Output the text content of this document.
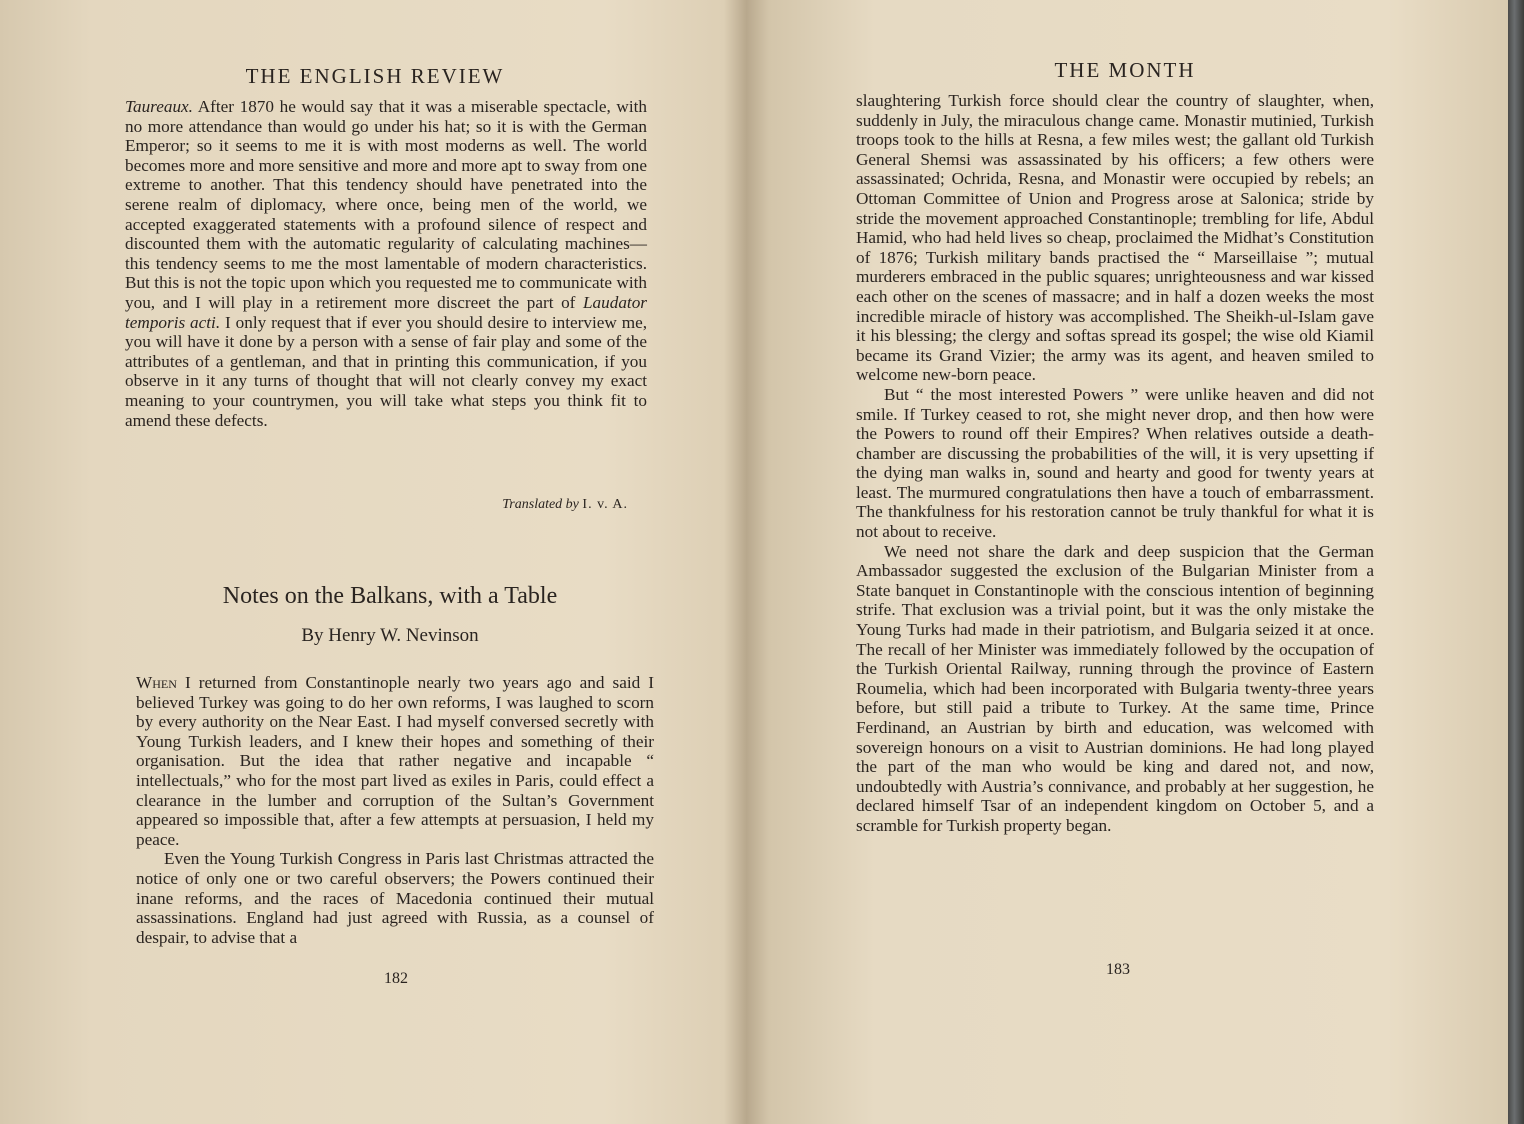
THE ENGLISH REVIEW

Taureaux. After 1870 he would say that it was a miserable spectacle, with no more attendance than would go under his hat; so it is with the German Emperor; so it seems to me it is with most moderns as well. The world becomes more and more sensitive and more and more apt to sway from one extreme to another. That this tendency should have penetrated into the serene realm of diplomacy, where once, being men of the world, we accepted exaggerated statements with a profound silence of respect and discounted them with the automatic regularity of calculating machines—this tendency seems to me the most lamentable of modern characteristics. But this is not the topic upon which you requested me to communicate with you, and I will play in a retirement more discreet the part of Laudator temporis acti. I only request that if ever you should desire to interview me, you will have it done by a person with a sense of fair play and some of the attributes of a gentleman, and that in printing this communication, if you observe in it any turns of thought that will not clearly convey my exact meaning to your countrymen, you will take what steps you think fit to amend these defects.

Translated by I. v. A.
Notes on the Balkans, with a Table
By Henry W. Nevinson

When I returned from Constantinople nearly two years ago and said I believed Turkey was going to do her own reforms, I was laughed to scorn by every authority on the Near East. I had myself conversed secretly with Young Turkish leaders, and I knew their hopes and something of their organisation. But the idea that rather negative and incapable “ intellectuals,” who for the most part lived as exiles in Paris, could effect a clearance in the lumber and corruption of the Sultan’s Government appeared so impossible that, after a few attempts at persuasion, I held my peace.

Even the Young Turkish Congress in Paris last Christmas attracted the notice of only one or two careful observers; the Powers continued their inane reforms, and the races of Macedonia continued their mutual assassinations. England had just agreed with Russia, as a counsel of despair, to advise that a

182
THE MONTH

slaughtering Turkish force should clear the country of slaughter, when, suddenly in July, the miraculous change came. Monastir mutinied, Turkish troops took to the hills at Resna, a few miles west; the gallant old Turkish General Shemsi was assassinated by his officers; a few others were assassinated; Ochrida, Resna, and Monastir were occupied by rebels; an Ottoman Committee of Union and Progress arose at Salonica; stride by stride the movement approached Constantinople; trembling for life, Abdul Hamid, who had held lives so cheap, proclaimed the Midhat’s Constitution of 1876; Turkish military bands practised the “ Marseillaise ”; mutual murderers embraced in the public squares; unrighteousness and war kissed each other on the scenes of massacre; and in half a dozen weeks the most incredible miracle of history was accomplished. The Sheikh-ul-Islam gave it his blessing; the clergy and softas spread its gospel; the wise old Kiamil became its Grand Vizier; the army was its agent, and heaven smiled to welcome new-born peace.

But “ the most interested Powers ” were unlike heaven and did not smile. If Turkey ceased to rot, she might never drop, and then how were the Powers to round off their Empires? When relatives outside a death-chamber are discussing the probabilities of the will, it is very upsetting if the dying man walks in, sound and hearty and good for twenty years at least. The murmured congratulations then have a touch of embarrassment. The thankfulness for his restoration cannot be truly thankful for what it is not about to receive.

We need not share the dark and deep suspicion that the German Ambassador suggested the exclusion of the Bulgarian Minister from a State banquet in Constantinople with the conscious intention of beginning strife. That exclusion was a trivial point, but it was the only mistake the Young Turks had made in their patriotism, and Bulgaria seized it at once. The recall of her Minister was immediately followed by the occupation of the Turkish Oriental Railway, running through the province of Eastern Roumelia, which had been incorporated with Bulgaria twenty-three years before, but still paid a tribute to Turkey. At the same time, Prince Ferdinand, an Austrian by birth and education, was welcomed with sovereign honours on a visit to Austrian dominions. He had long played the part of the man who would be king and dared not, and now, undoubtedly with Austria’s connivance, and probably at her suggestion, he declared himself Tsar of an independent kingdom on October 5, and a scramble for Turkish property began.

183
